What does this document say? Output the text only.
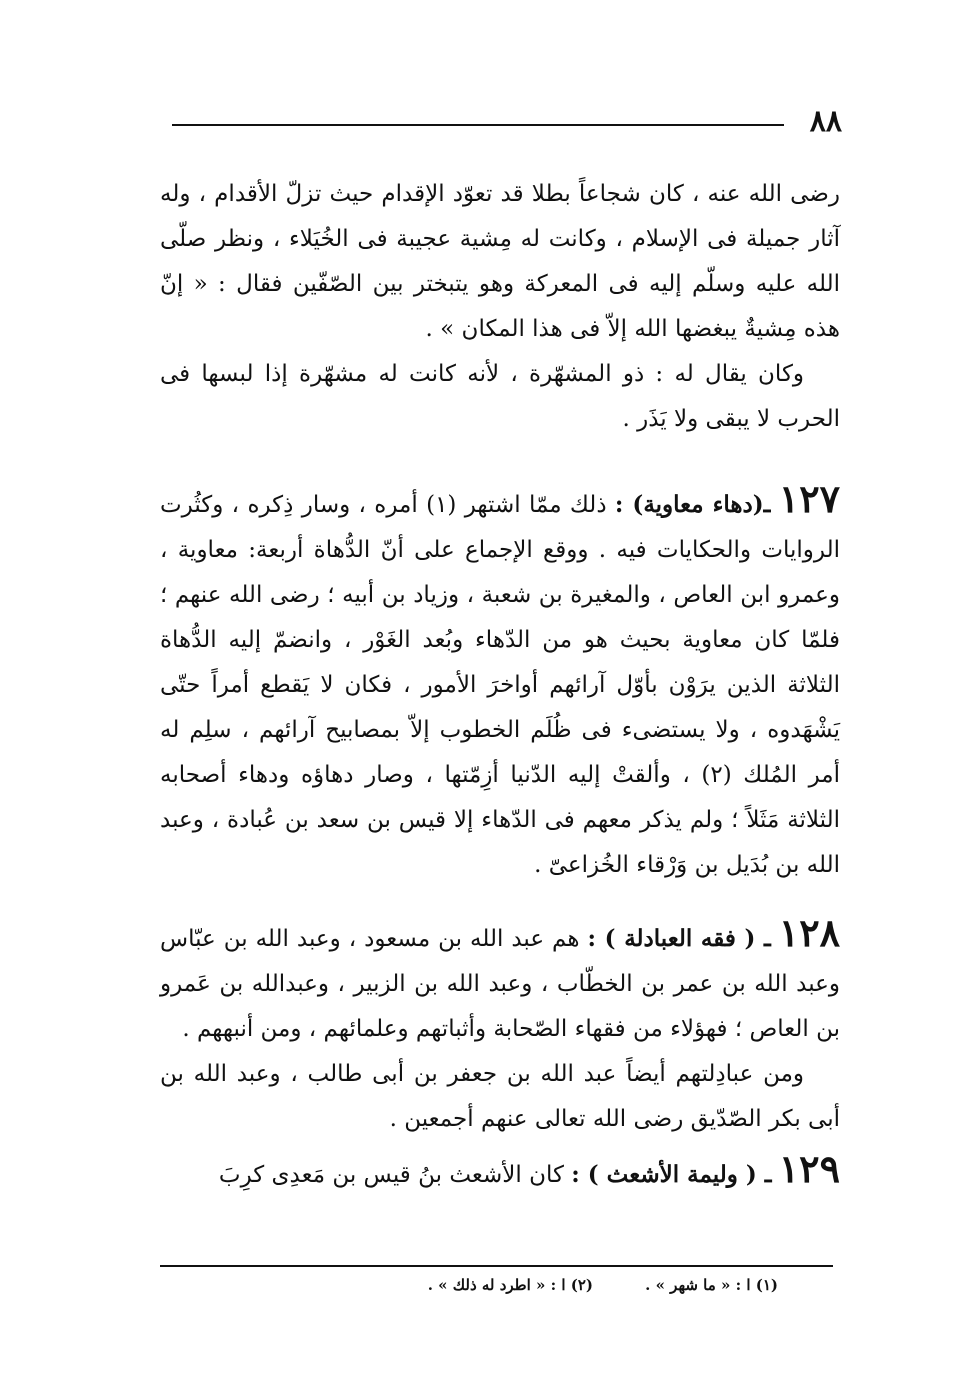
٨٨

رضى الله عنه ، كان شجاعاً بطلا قد تعوّد الإقدام حيث تزلّ الأقدام ، وله آثار جميلة فى الإسلام ، وكانت له مِشية عجيبة فى الخُيَلاء ، ونظر صلّى الله عليه وسلّم إليه فى المعركة وهو يتبختر بين الصّفّين فقال : « إنّ هذه مِشيةٌ يبغضها الله إلاّ فى هذا المكان » .

وكان يقال له : ذو المشهّرة ، لأنه كانت له مشهّرة إذا لبسها فى الحرب لا يبقى ولا يَذَر .

١٢٧ ـ(دهاء معاوية) : ذلك ممّا اشتهر (١) أمره ، وسار ذِكره ، وكثُرت الروايات والحكايات فيه . ووقع الإجماع على أنّ الدُّهاة أربعة: معاوية ، وعمرو ابن العاص ، والمغيرة بن شعبة ، وزياد بن أبيه ؛ رضى الله عنهم ؛ فلمّا كان معاوية بحيث هو من الدّهاء وبُعد الغَوْر ، وانضمّ إليه الدُّهاة الثلاثة الذين يرَوْن بأوّل آرائهم أواخرَ الأمور ، فكان لا يَقطع أمراً حتّى يَشْهَدوه ، ولا يستضىء فى ظُلَم الخطوب إلاّ بمصابيح آرائهم ، سلِم له أمر المُلك (٢) ، وألقتْ إليه الدّنيا أزِمّتها ، وصار دهاؤه ودهاء أصحابه الثلاثة مَثَلاً ؛ ولم يذكر معهم فى الدّهاء إلا قيس بن سعد بن عُبادة ، وعبد الله بن بُدَيل بن وَرْقاء الخُزاعىّ .

١٢٨ ـ ( فقه العبادلة ) : هم عبد الله بن مسعود ، وعبد الله بن عبّاس وعبد الله بن عمر بن الخطّاب ، وعبد الله بن الزبير ، وعبدالله بن عَمرو بن العاص ؛ فهؤلاء من فقهاء الصّحابة وأثباتهم وعلمائهم ، ومن أنبههم .

ومن عبادِلتهم أيضاً عبد الله بن جعفر بن أبى طالب ، وعبد الله بن أبى بكر الصّدّيق رضى الله تعالى عنهم أجمعين .

١٢٩ ـ ( وليمة الأشعث ) : كان الأشعث بنُ قيس بن مَعدِى كرِبَ

(١) ا : « ما شهر » .
(٢) ا : « اطرد له ذلك » .
